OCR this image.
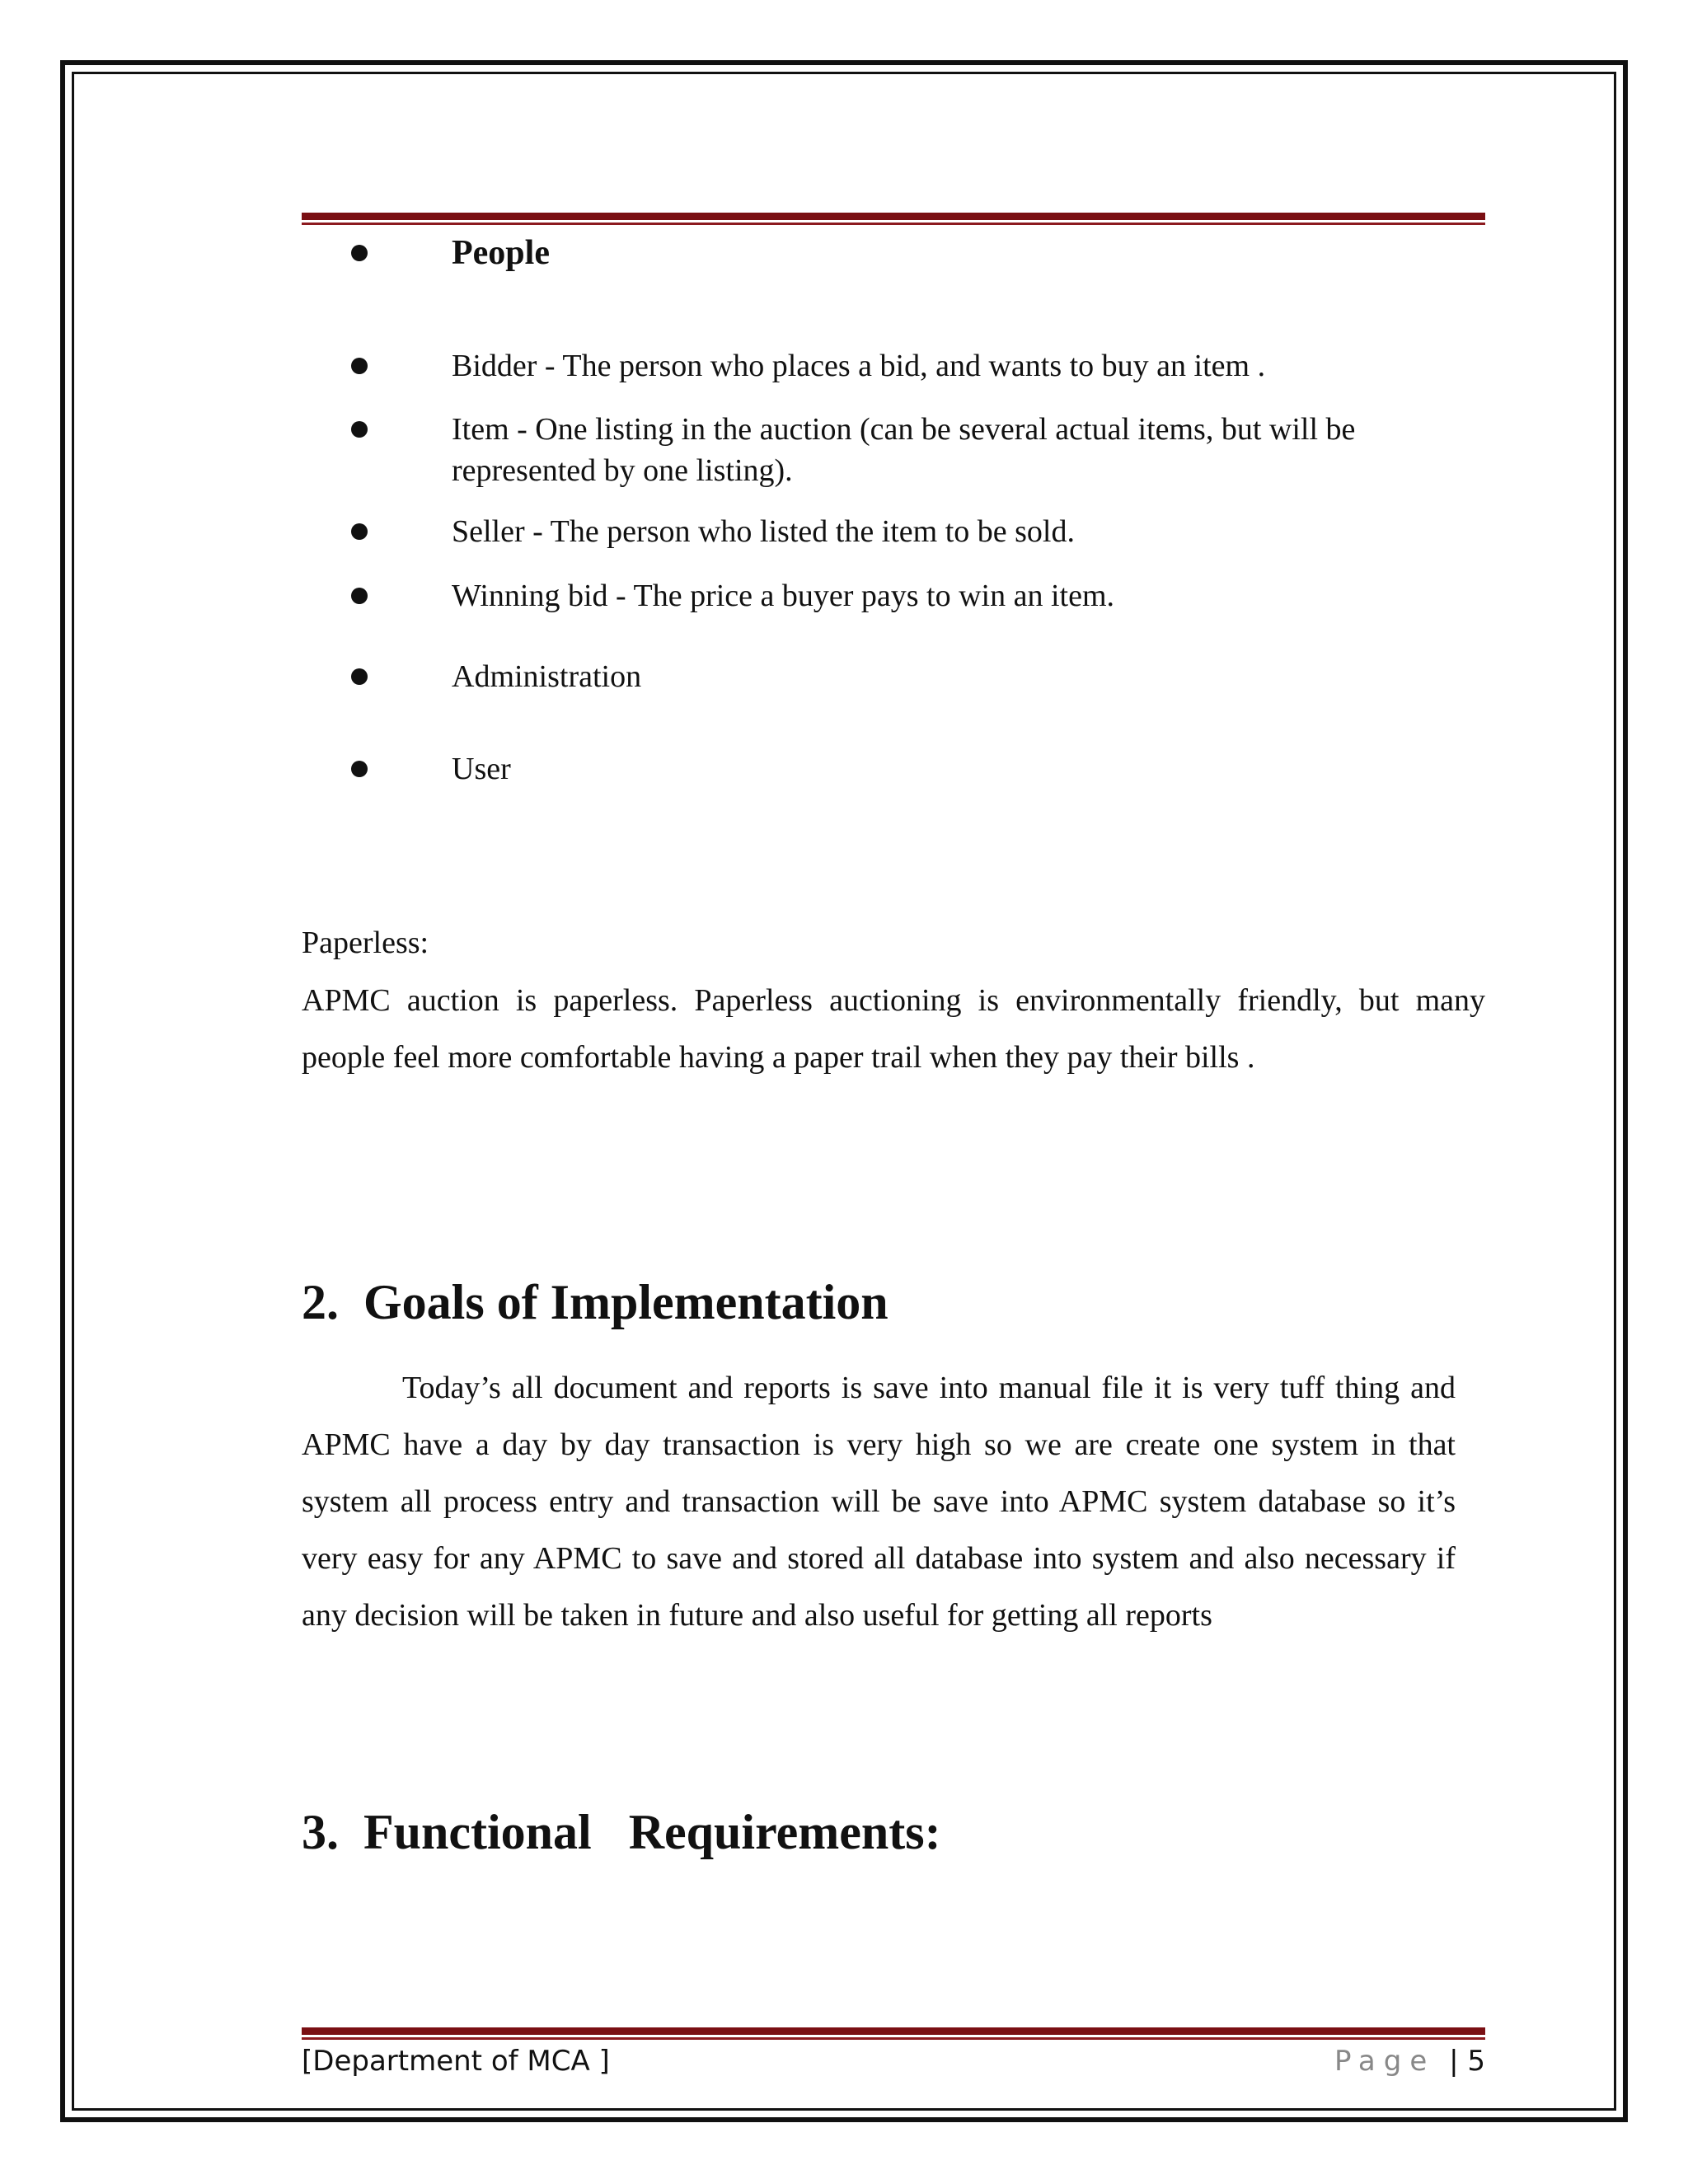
People
Bidder - The person who places a bid, and wants to buy an item .
Item - One listing in the auction (can be several actual items, but will be represented by one listing).
Seller - The person who listed the item to be sold.
Winning bid - The price a buyer pays to win an item.
Administration
User
Paperless:
APMC auction is paperless. Paperless auctioning is environmentally friendly, but many people feel more comfortable having a paper trail when they pay their bills .
2.  Goals of Implementation
Today’s all document and reports is save into manual file it is very tuff thing and APMC have a day by day transaction is very high so we are create one system in that system all process entry and transaction will be save into APMC system database so it’s very easy for any APMC to save and stored all database into system and also necessary if any decision will be taken in future and also useful for getting all reports
3.  Functional   Requirements:
[Department of MCA ]	Page | 5
